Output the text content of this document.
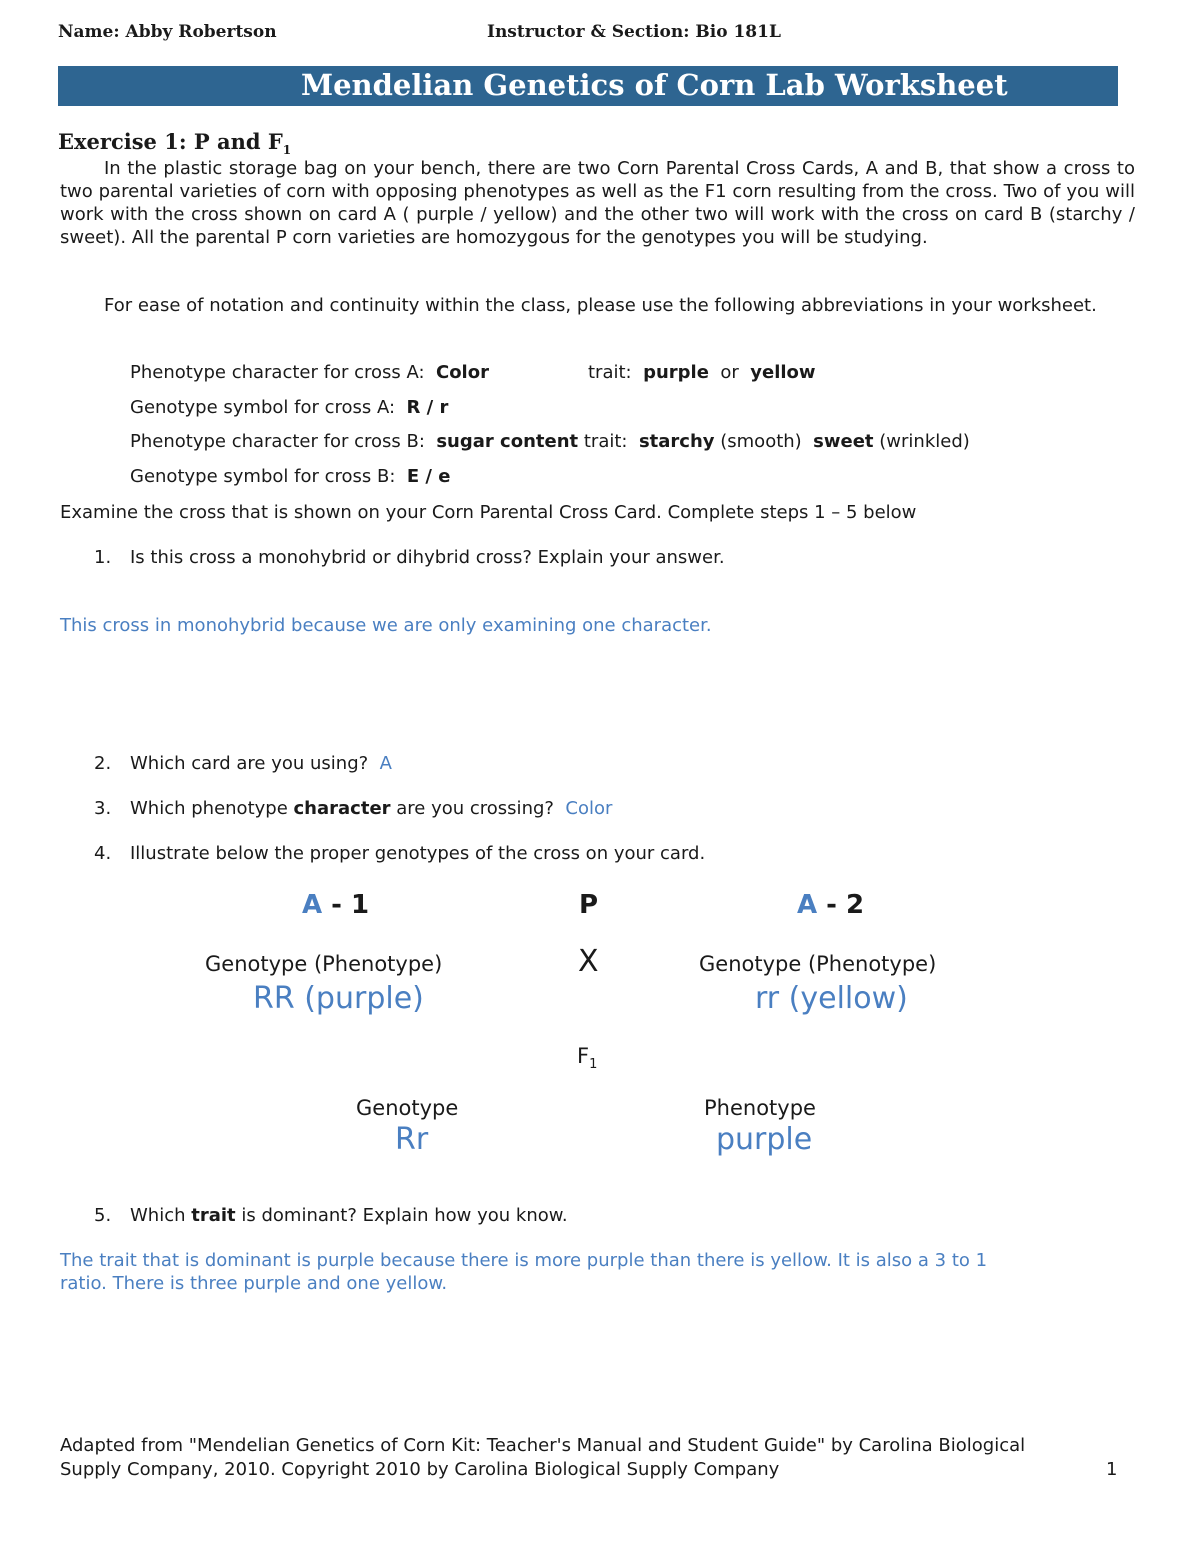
Name: Abby Robertson	Instructor & Section: Bio 181L
Mendelian Genetics of Corn Lab Worksheet
Exercise 1: P and $F_1$
In the plastic storage bag on your bench, there are two Corn Parental Cross Cards, A and B, that show a cross to two parental varieties of corn with opposing phenotypes as well as the F1 corn resulting from the cross. Two of you will work with the cross shown on card A ( purple / yellow) and the other two will work with the cross on card B (starchy / sweet). All the parental P corn varieties are homozygous for the genotypes you will be studying.
For ease of notation and continuity within the class, please use the following abbreviations in your worksheet.
Phenotype character for cross A: Color	trait: purple or yellow
Genotype symbol for cross A: R / r
Phenotype character for cross B: sugar content trait: starchy (smooth) sweet (wrinkled)
Genotype symbol for cross B: E / e
Examine the cross that is shown on your Corn Parental Cross Card. Complete steps 1 – 5 below
1. Is this cross a monohybrid or dihybrid cross? Explain your answer.
This cross in monohybrid because we are only examining one character.
2. Which card are you using? A
3. Which phenotype character are you crossing? Color
4. Illustrate below the proper genotypes of the cross on your card.
A - 1	P	A - 2
Genotype (Phenotype)	X	Genotype (Phenotype)
RR (purple)	rr (yellow)
$F_1$
Genotype	Phenotype
Rr	purple
5. Which trait is dominant? Explain how you know.
The trait that is dominant is purple because there is more purple than there is yellow. It is also a 3 to 1
ratio. There is three purple and one yellow.
Adapted from "Mendelian Genetics of Corn Kit: Teacher's Manual and Student Guide" by Carolina Biological
Supply Company, 2010. Copyright 2010 by Carolina Biological Supply Company	1
